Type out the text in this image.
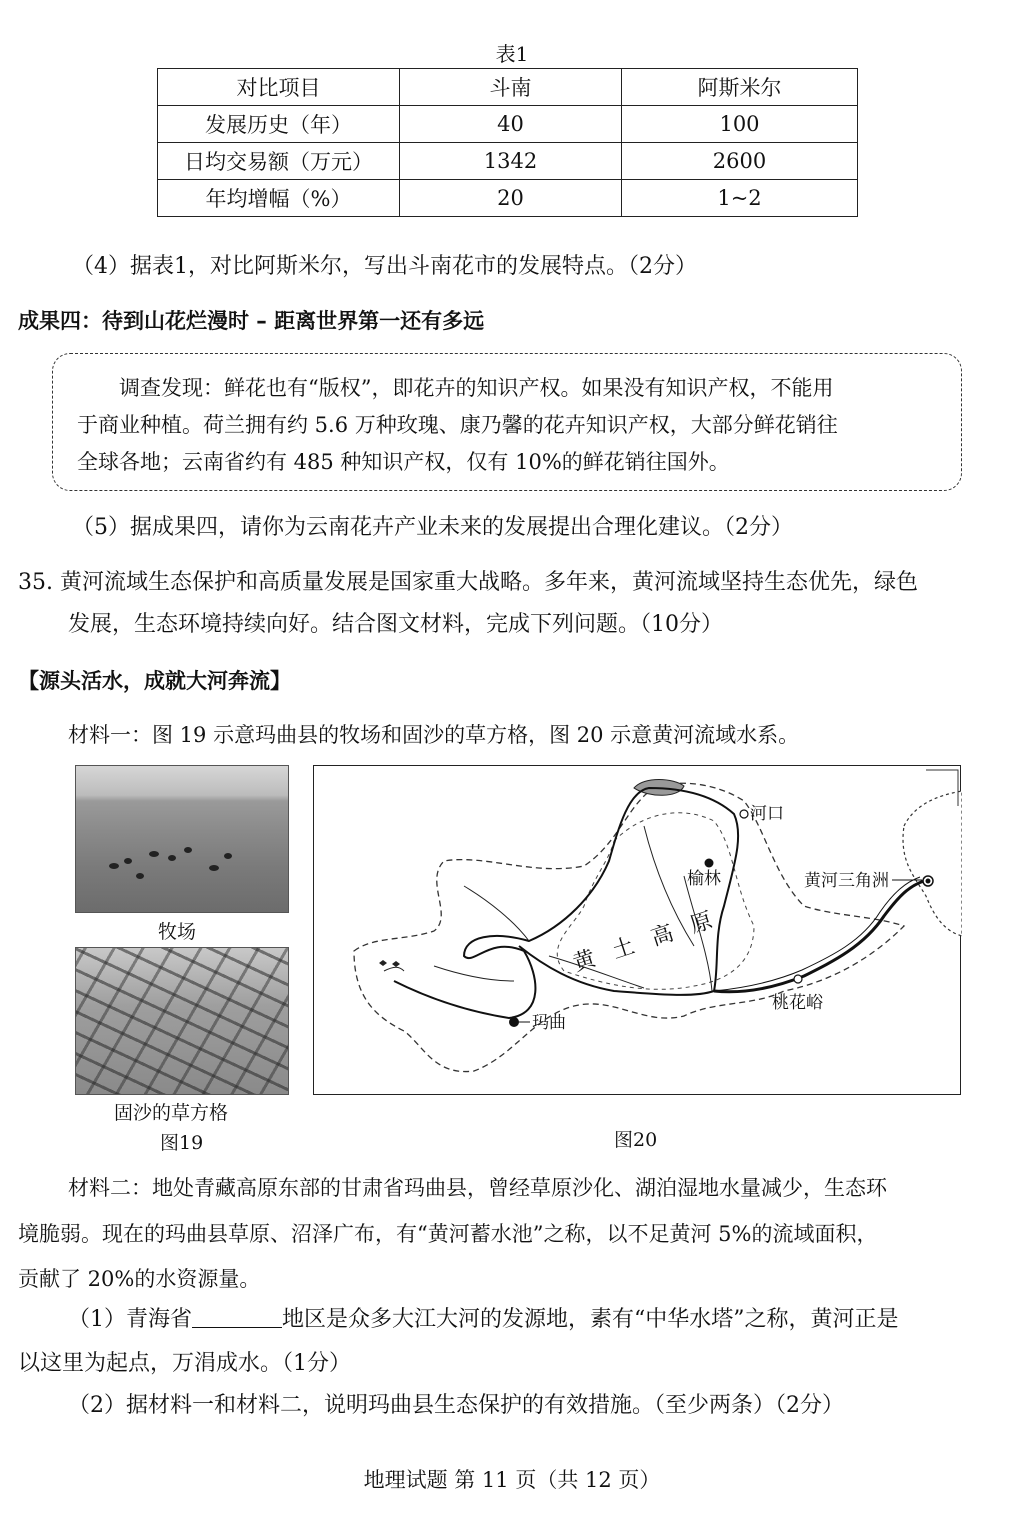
表1
对比项目	斗南	阿斯米尔
发展历史（年）	40	100
日均交易额（万元）	1342	2600
年均增幅（%）	20	1~2
（4）据表1，对比阿斯米尔，写出斗南花市的发展特点。（2分）
成果四：待到山花烂漫时 – 距离世界第一还有多远
调查发现：鲜花也有“版权”，即花卉的知识产权。如果没有知识产权，不能用
于商业种植。荷兰拥有约 5.6 万种玫瑰、康乃馨的花卉知识产权，大部分鲜花销往
全球各地；云南省约有 485 种知识产权，仅有 10%的鲜花销往国外。
（5）据成果四，请你为云南花卉产业未来的发展提出合理化建议。（2分）
35. 黄河流域生态保护和高质量发展是国家重大战略。多年来，黄河流域坚持生态优先，绿色
发展，生态环境持续向好。结合图文材料，完成下列问题。（10分）
【源头活水，成就大河奔流】
材料一：图 19 示意玛曲县的牧场和固沙的草方格，图 20 示意黄河流域水系。
牧场
固沙的草方格
图19
河口
榆林	黄河三角洲
桃花峪
玛曲
黄 土 高 原
图20
材料二：地处青藏高原东部的甘肃省玛曲县，曾经草原沙化、湖泊湿地水量减少，生态环
境脆弱。现在的玛曲县草原、沼泽广布，有“黄河蓄水池”之称，以不足黄河 5%的流域面积，
贡献了 20%的水资源量。
（1）青海省	地区是众多大江大河的发源地，素有“中华水塔”之称，黄河正是
以这里为起点，万涓成水。（1分）
（2）据材料一和材料二，说明玛曲县生态保护的有效措施。（至少两条）（2分）
地理试题 第 11 页（共 12 页）
